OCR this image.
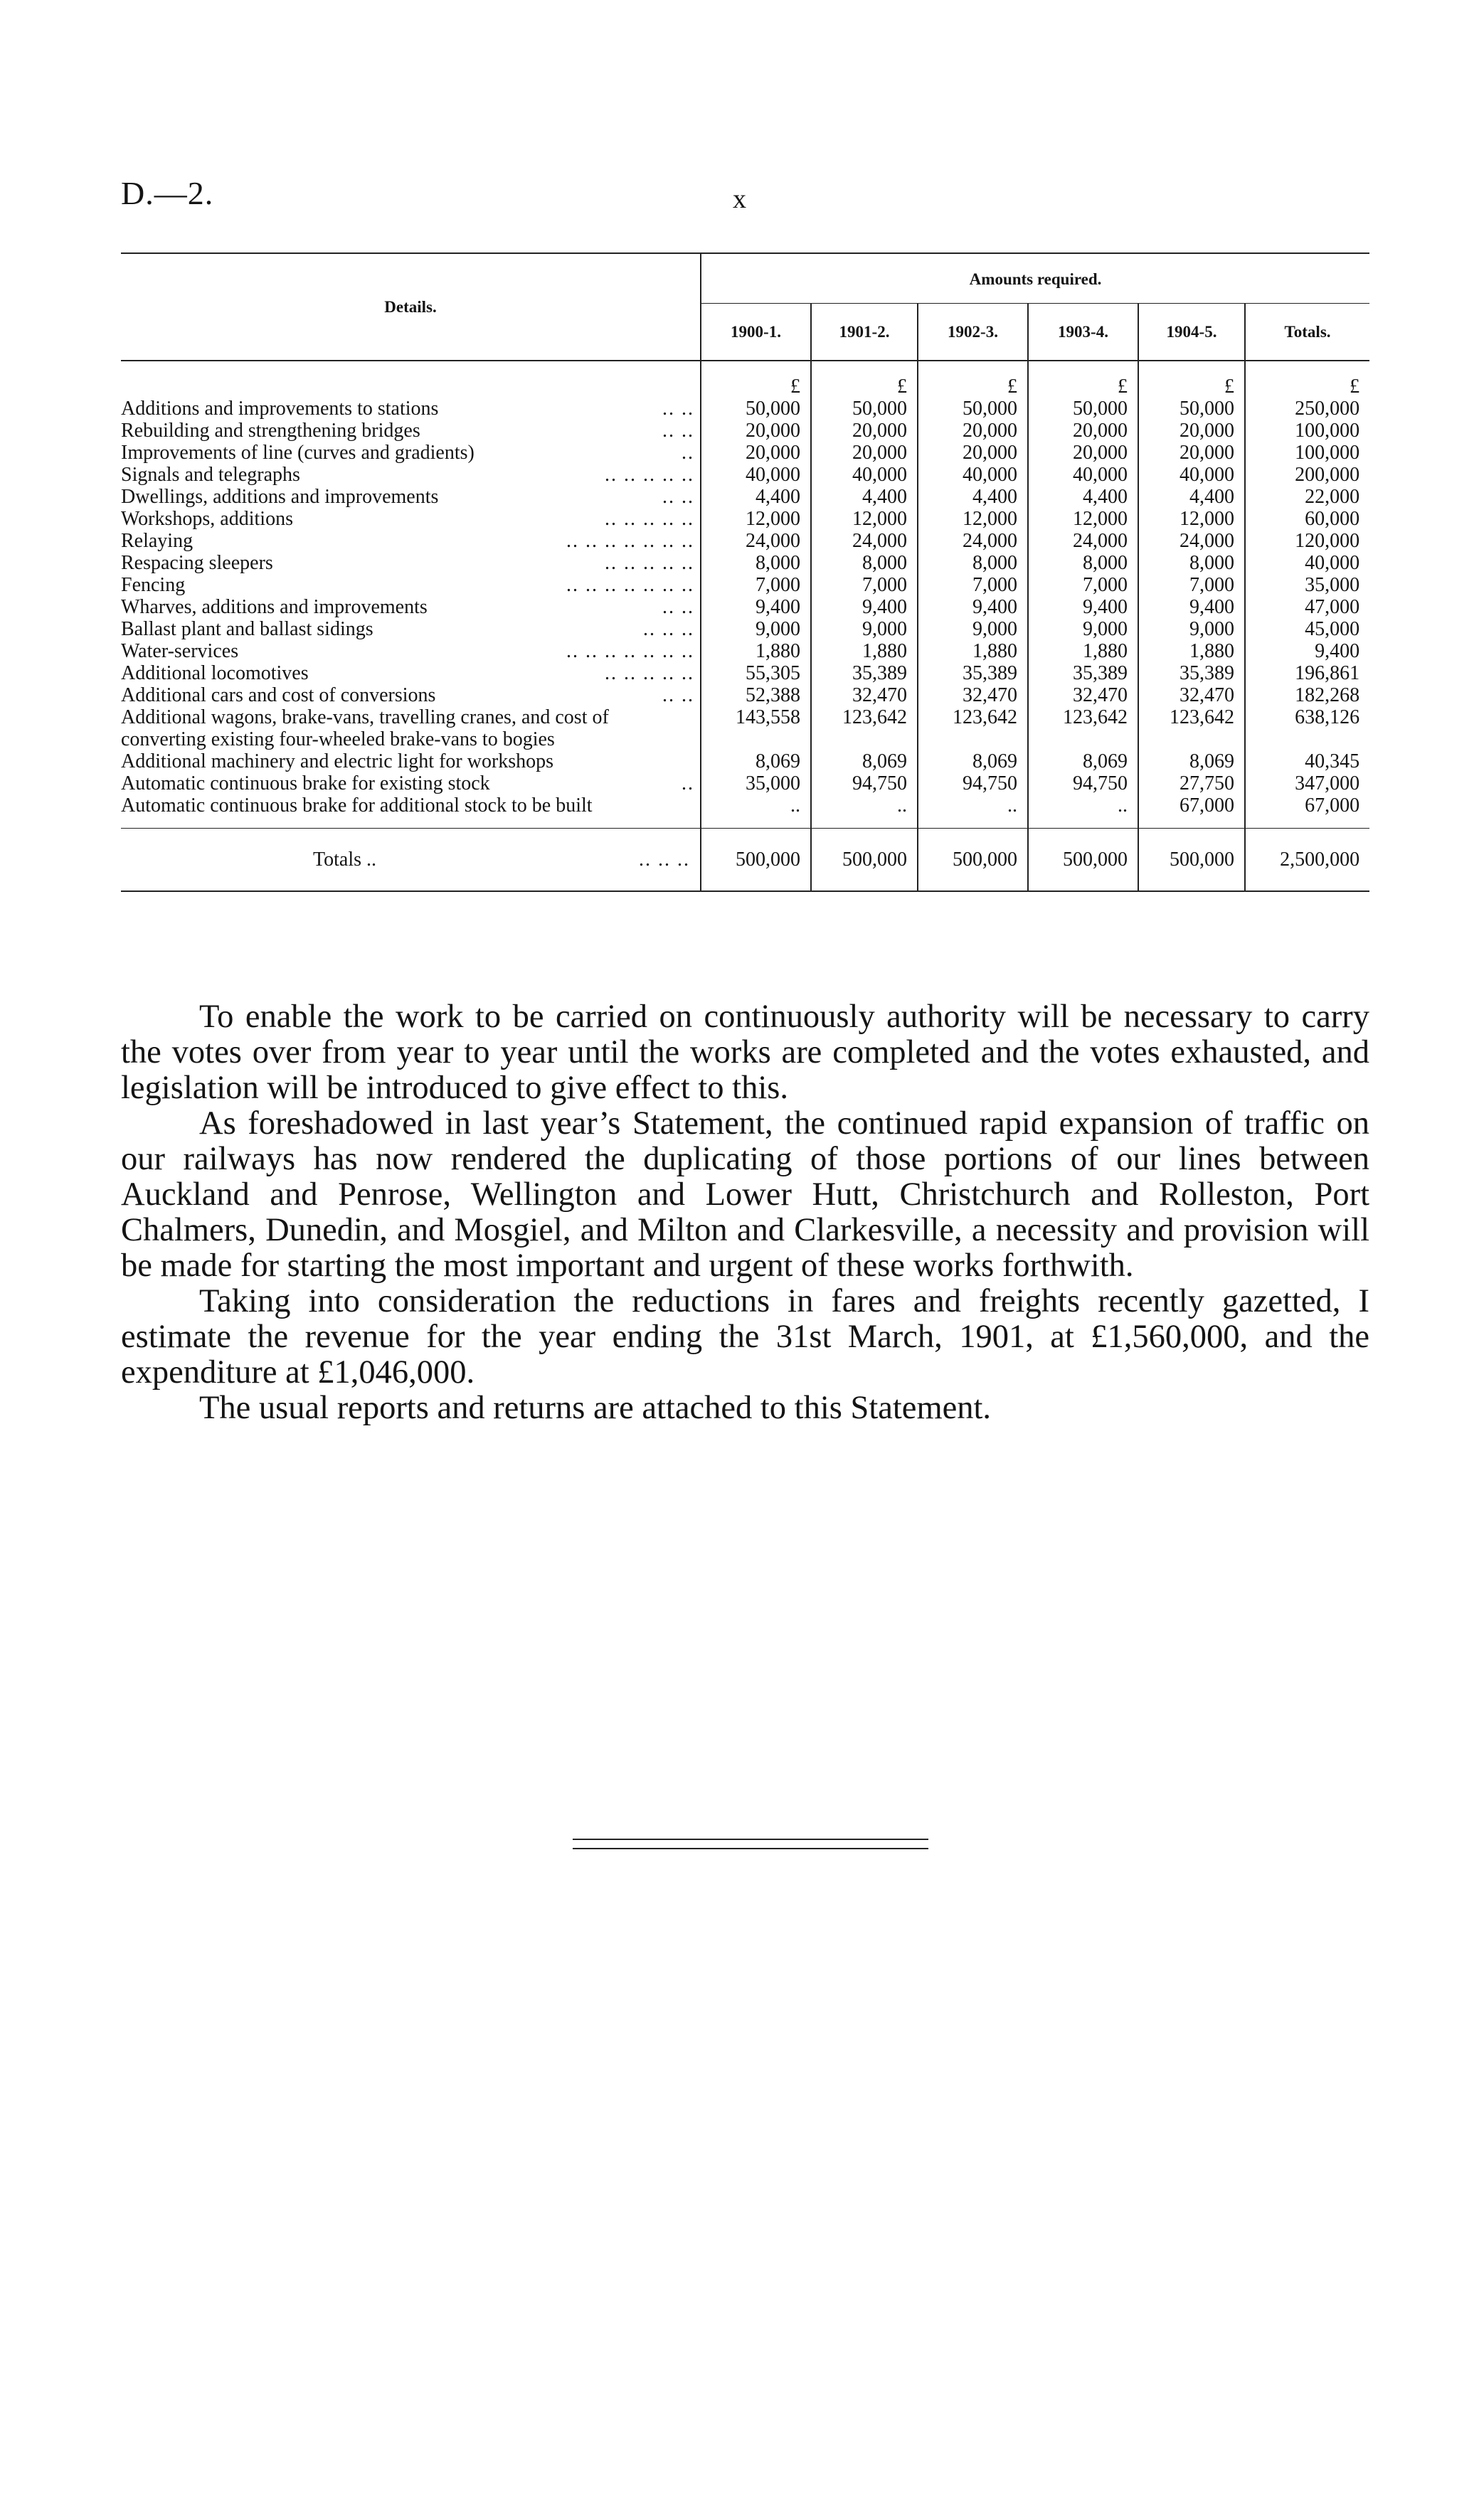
D.—2.	x
Details.	Amounts required.					
	1900-1.	1901-2.	1902-3.	1903-4.	1904-5.	Totals.
	£	£	£	£	£	£

Additions and improvements to stations .. ..	50,000	50,000	50,000	50,000	50,000	250,000

Rebuilding and strengthening bridges .. ..	20,000	20,000	20,000	20,000	20,000	100,000

Improvements of line (curves and gradients) ..	20,000	20,000	20,000	20,000	20,000	100,000

Signals and telegraphs .. .. .. .. ..	40,000	40,000	40,000	40,000	40,000	200,000

Dwellings, additions and improvements .. ..	4,400	4,400	4,400	4,400	4,400	22,000

Workshops, additions .. .. .. .. ..	12,000	12,000	12,000	12,000	12,000	60,000

Relaying .. .. .. .. .. .. ..	24,000	24,000	24,000	24,000	24,000	120,000

Respacing sleepers .. .. .. .. ..	8,000	8,000	8,000	8,000	8,000	40,000

Fencing .. .. .. .. .. .. ..	7,000	7,000	7,000	7,000	7,000	35,000

Wharves, additions and improvements .. ..	9,400	9,400	9,400	9,400	9,400	47,000

Ballast plant and ballast sidings .. .. ..	9,000	9,000	9,000	9,000	9,000	45,000

Water-services .. .. .. .. .. .. ..	1,880	1,880	1,880	1,880	1,880	9,400

Additional locomotives .. .. .. .. ..	55,305	35,389	35,389	35,389	35,389	196,861

Additional cars and cost of conversions .. ..	52,388	32,470	32,470	32,470	32,470	182,268

Additional wagons, brake-vans, travelling cranes, and cost of converting existing four-wheeled brake-vans to bogies	143,558	123,642	123,642	123,642	123,642	638,126

Additional machinery and electric light for workshops	8,069	8,069	8,069	8,069	8,069	40,345

Automatic continuous brake for existing stock ..	35,000	94,750	94,750	94,750	27,750	347,000

Automatic continuous brake for additional stock to be built	..	..	..	..	67,000	67,000

Totals .. .. .. ..	500,000	500,000	500,000	500,000	500,000	2,500,000

To enable the work to be carried on continuously authority will be necessary to carry the votes over from year to year until the works are completed and the votes exhausted, and legislation will be introduced to give effect to this.

As foreshadowed in last year’s Statement, the continued rapid expansion of traffic on our railways has now rendered the duplicating of those portions of our lines between Auckland and Penrose, Wellington and Lower Hutt, Christchurch and Rolleston, Port Chalmers, Dunedin, and Mosgiel, and Milton and Clarkesville, a necessity and provision will be made for starting the most important and urgent of these works forthwith.

Taking into consideration the reductions in fares and freights recently gazetted, I estimate the revenue for the year ending the 31st March, 1901, at £1,560,000, and the expenditure at £1,046,000.

The usual reports and returns are attached to this Statement.
